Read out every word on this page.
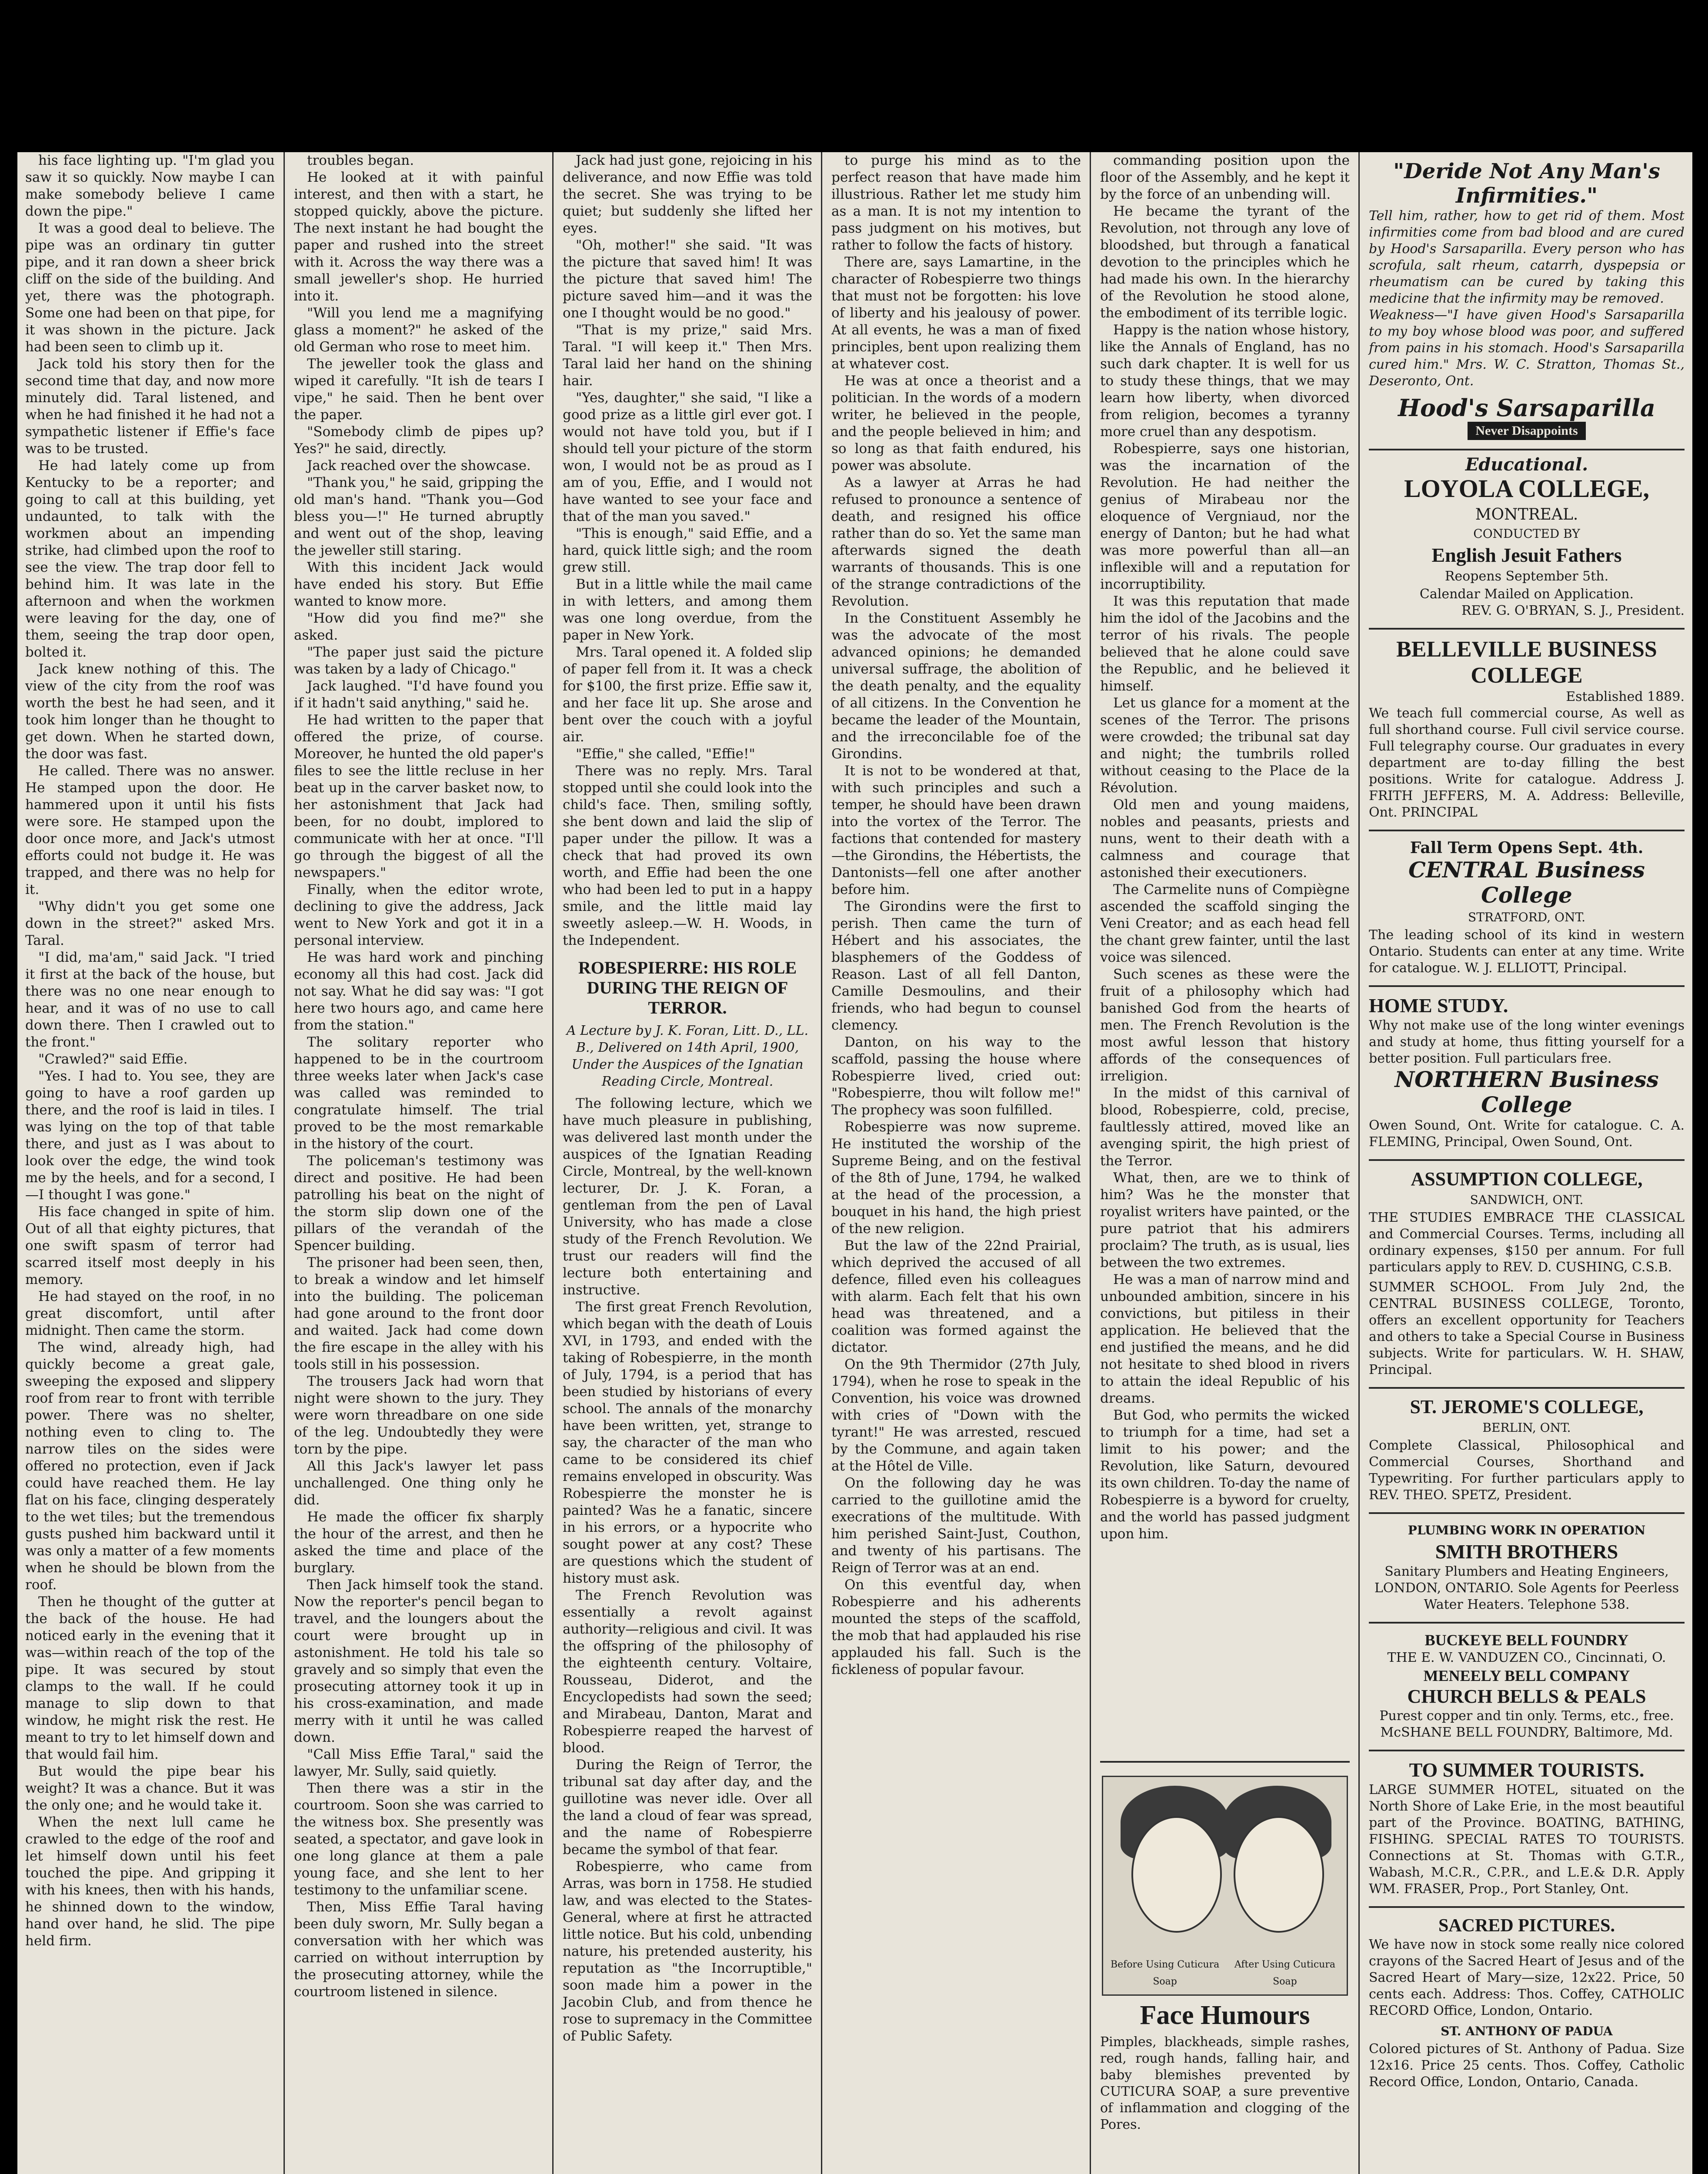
his face lighting up. "I'm glad you saw it so quickly. Now maybe I can make somebody believe I came down the pipe."

It was a good deal to believe. The pipe was an ordinary tin gutter pipe, and it ran down a sheer brick cliff on the side of the building. And yet, there was the photograph. Some one had been on that pipe, for it was shown in the picture. Jack had been seen to climb up it.

Jack told his story then for the second time that day, and now more minutely did. Taral listened, and when he had finished it he had not a sympathetic listener if Effie's face was to be trusted.

He had lately come up from Kentucky to be a reporter; and going to call at this building, yet undaunted, to talk with the workmen about an impending strike, had climbed upon the roof to see the view. The trap door fell to behind him. It was late in the afternoon and when the workmen were leaving for the day, one of them, seeing the trap door open, bolted it.

Jack knew nothing of this. The view of the city from the roof was worth the best he had seen, and it took him longer than he thought to get down. When he started down, the door was fast.

He called. There was no answer. He stamped upon the door. He hammered upon it until his fists were sore. He stamped upon the door once more, and Jack's utmost efforts could not budge it. He was trapped, and there was no help for it.

"Why didn't you get some one down in the street?" asked Mrs. Taral.

"I did, ma'am," said Jack. "I tried it first at the back of the house, but there was no one near enough to hear, and it was of no use to call down there. Then I crawled out to the front."

"Crawled?" said Effie.

"Yes. I had to. You see, they are going to have a roof garden up there, and the roof is laid in tiles. I was lying on the top of that table there, and just as I was about to look over the edge, the wind took me by the heels, and for a second, I—I thought I was gone."

His face changed in spite of him. Out of all that eighty pictures, that one swift spasm of terror had scarred itself most deeply in his memory.

He had stayed on the roof, in no great discomfort, until after midnight. Then came the storm.

The wind, already high, had quickly become a great gale, sweeping the exposed and slippery roof from rear to front with terrible power. There was no shelter, nothing even to cling to. The narrow tiles on the sides were offered no protection, even if Jack could have reached them. He lay flat on his face, clinging desperately to the wet tiles; but the tremendous gusts pushed him backward until it was only a matter of a few moments when he should be blown from the roof.

Then he thought of the gutter at the back of the house. He had noticed early in the evening that it was—within reach of the top of the pipe. It was secured by stout clamps to the wall. If he could manage to slip down to that window, he might risk the rest. He meant to try to let himself down and that would fail him.

But would the pipe bear his weight? It was a chance. But it was the only one; and he would take it.

When the next lull came he crawled to the edge of the roof and let himself down until his feet touched the pipe. And gripping it with his knees, then with his hands, he shinned down to the window, hand over hand, he slid. The pipe held firm.

troubles began.

He looked at it with painful interest, and then with a start, he stopped quickly, above the picture. The next instant he had bought the paper and rushed into the street with it. Across the way there was a small jeweller's shop. He hurried into it.

"Will you lend me a magnifying glass a moment?" he asked of the old German who rose to meet him.

The jeweller took the glass and wiped it carefully. "It ish de tears I vipe," he said. Then he bent over the paper.

"Somebody climb de pipes up? Yes?" he said, directly.

Jack reached over the showcase.

"Thank you," he said, gripping the old man's hand. "Thank you—God bless you—!" He turned abruptly and went out of the shop, leaving the jeweller still staring.

With this incident Jack would have ended his story. But Effie wanted to know more.

"How did you find me?" she asked.

"The paper just said the picture was taken by a lady of Chicago."

Jack laughed. "I'd have found you if it hadn't said anything," said he.

He had written to the paper that offered the prize, of course. Moreover, he hunted the old paper's files to see the little recluse in her beat up in the carver basket now, to her astonishment that Jack had been, for no doubt, implored to communicate with her at once. "I'll go through the biggest of all the newspapers."

Finally, when the editor wrote, declining to give the address, Jack went to New York and got it in a personal interview.

He was hard work and pinching economy all this had cost. Jack did not say. What he did say was: "I got here two hours ago, and came here from the station."

The solitary reporter who happened to be in the courtroom three weeks later when Jack's case was called was reminded to congratulate himself. The trial proved to be the most remarkable in the history of the court.

The policeman's testimony was direct and positive. He had been patrolling his beat on the night of the storm slip down one of the pillars of the verandah of the Spencer building.

The prisoner had been seen, then, to break a window and let himself into the building. The policeman had gone around to the front door and waited. Jack had come down the fire escape in the alley with his tools still in his possession.

The trousers Jack had worn that night were shown to the jury. They were worn threadbare on one side of the leg. Undoubtedly they were torn by the pipe.

All this Jack's lawyer let pass unchallenged. One thing only he did.

He made the officer fix sharply the hour of the arrest, and then he asked the time and place of the burglary.

Then Jack himself took the stand. Now the reporter's pencil began to travel, and the loungers about the court were brought up in astonishment. He told his tale so gravely and so simply that even the prosecuting attorney took it up in his cross-examination, and made merry with it until he was called down.

"Call Miss Effie Taral," said the lawyer, Mr. Sully, said quietly.

Then there was a stir in the courtroom. Soon she was carried to the witness box. She presently was seated, a spectator, and gave look in one long glance at them a pale young face, and she lent to her testimony to the unfamiliar scene.

Then, Miss Effie Taral having been duly sworn, Mr. Sully began a conversation with her which was carried on without interruption by the prosecuting attorney, while the courtroom listened in silence.

Jack had just gone, rejoicing in his deliverance, and now Effie was told the secret. She was trying to be quiet; but suddenly she lifted her eyes.

"Oh, mother!" she said. "It was the picture that saved him! It was the picture that saved him! The picture saved him—and it was the one I thought would be no good."

"That is my prize," said Mrs. Taral. "I will keep it." Then Mrs. Taral laid her hand on the shining hair.

"Yes, daughter," she said, "I like a good prize as a little girl ever got. I would not have told you, but if I should tell your picture of the storm won, I would not be as proud as I am of you, Effie, and I would not have wanted to see your face and that of the man you saved."

"This is enough," said Effie, and a hard, quick little sigh; and the room grew still.

But in a little while the mail came in with letters, and among them was one long overdue, from the paper in New York.

Mrs. Taral opened it. A folded slip of paper fell from it. It was a check for $100, the first prize. Effie saw it, and her face lit up. She arose and bent over the couch with a joyful air.

"Effie," she called, "Effie!"

There was no reply. Mrs. Taral stopped until she could look into the child's face. Then, smiling softly, she bent down and laid the slip of paper under the pillow. It was a check that had proved its own worth, and Effie had been the one who had been led to put in a happy smile, and the little maid lay sweetly asleep.—W. H. Woods, in the Independent.

ROBESPIERRE: HIS ROLE DURING THE REIGN OF TERROR.
A Lecture by J. K. Foran, Litt. D., LL. B., Delivered on 14th April, 1900, Under the Auspices of the Ignatian Reading Circle, Montreal.

The following lecture, which we have much pleasure in publishing, was delivered last month under the auspices of the Ignatian Reading Circle, Montreal, by the well-known lecturer, Dr. J. K. Foran, a gentleman from the pen of Laval University, who has made a close study of the French Revolution. We trust our readers will find the lecture both entertaining and instructive.

The first great French Revolution, which began with the death of Louis XVI, in 1793, and ended with the taking of Robespierre, in the month of July, 1794, is a period that has been studied by historians of every school. The annals of the monarchy have been written, yet, strange to say, the character of the man who came to be considered its chief remains enveloped in obscurity. Was Robespierre the monster he is painted? Was he a fanatic, sincere in his errors, or a hypocrite who sought power at any cost? These are questions which the student of history must ask.

The French Revolution was essentially a revolt against authority—religious and civil. It was the offspring of the philosophy of the eighteenth century. Voltaire, Rousseau, Diderot, and the Encyclopedists had sown the seed; and Mirabeau, Danton, Marat and Robespierre reaped the harvest of blood.

During the Reign of Terror, the tribunal sat day after day, and the guillotine was never idle. Over all the land a cloud of fear was spread, and the name of Robespierre became the symbol of that fear.

Robespierre, who came from Arras, was born in 1758. He studied law, and was elected to the States-General, where at first he attracted little notice. But his cold, unbending nature, his pretended austerity, his reputation as "the Incorruptible," soon made him a power in the Jacobin Club, and from thence he rose to supremacy in the Committee of Public Safety.

to purge his mind as to the perfect reason that have made him illustrious. Rather let me study him as a man. It is not my intention to pass judgment on his motives, but rather to follow the facts of history.

There are, says Lamartine, in the character of Robespierre two things that must not be forgotten: his love of liberty and his jealousy of power. At all events, he was a man of fixed principles, bent upon realizing them at whatever cost.

He was at once a theorist and a politician. In the words of a modern writer, he believed in the people, and the people believed in him; and so long as that faith endured, his power was absolute.

As a lawyer at Arras he had refused to pronounce a sentence of death, and resigned his office rather than do so. Yet the same man afterwards signed the death warrants of thousands. This is one of the strange contradictions of the Revolution.

In the Constituent Assembly he was the advocate of the most advanced opinions; he demanded universal suffrage, the abolition of the death penalty, and the equality of all citizens. In the Convention he became the leader of the Mountain, and the irreconcilable foe of the Girondins.

It is not to be wondered at that, with such principles and such a temper, he should have been drawn into the vortex of the Terror. The factions that contended for mastery—the Girondins, the Hébertists, the Dantonists—fell one after another before him.

The Girondins were the first to perish. Then came the turn of Hébert and his associates, the blasphemers of the Goddess of Reason. Last of all fell Danton, Camille Desmoulins, and their friends, who had begun to counsel clemency.

Danton, on his way to the scaffold, passing the house where Robespierre lived, cried out: "Robespierre, thou wilt follow me!" The prophecy was soon fulfilled.

Robespierre was now supreme. He instituted the worship of the Supreme Being, and on the festival of the 8th of June, 1794, he walked at the head of the procession, a bouquet in his hand, the high priest of the new religion.

But the law of the 22nd Prairial, which deprived the accused of all defence, filled even his colleagues with alarm. Each felt that his own head was threatened, and a coalition was formed against the dictator.

On the 9th Thermidor (27th July, 1794), when he rose to speak in the Convention, his voice was drowned with cries of "Down with the tyrant!" He was arrested, rescued by the Commune, and again taken at the Hôtel de Ville.

On the following day he was carried to the guillotine amid the execrations of the multitude. With him perished Saint-Just, Couthon, and twenty of his partisans. The Reign of Terror was at an end.

On this eventful day, when Robespierre and his adherents mounted the steps of the scaffold, the mob that had applauded his rise applauded his fall. Such is the fickleness of popular favour.

commanding position upon the floor of the Assembly, and he kept it by the force of an unbending will.

He became the tyrant of the Revolution, not through any love of bloodshed, but through a fanatical devotion to the principles which he had made his own. In the hierarchy of the Revolution he stood alone, the embodiment of its terrible logic.

Happy is the nation whose history, like the Annals of England, has no such dark chapter. It is well for us to study these things, that we may learn how liberty, when divorced from religion, becomes a tyranny more cruel than any despotism.

Robespierre, says one historian, was the incarnation of the Revolution. He had neither the genius of Mirabeau nor the eloquence of Vergniaud, nor the energy of Danton; but he had what was more powerful than all—an inflexible will and a reputation for incorruptibility.

It was this reputation that made him the idol of the Jacobins and the terror of his rivals. The people believed that he alone could save the Republic, and he believed it himself.

Let us glance for a moment at the scenes of the Terror. The prisons were crowded; the tribunal sat day and night; the tumbrils rolled without ceasing to the Place de la Révolution.

Old men and young maidens, nobles and peasants, priests and nuns, went to their death with a calmness and courage that astonished their executioners.

The Carmelite nuns of Compiègne ascended the scaffold singing the Veni Creator; and as each head fell the chant grew fainter, until the last voice was silenced.

Such scenes as these were the fruit of a philosophy which had banished God from the hearts of men. The French Revolution is the most awful lesson that history affords of the consequences of irreligion.

In the midst of this carnival of blood, Robespierre, cold, precise, faultlessly attired, moved like an avenging spirit, the high priest of the Terror.

What, then, are we to think of him? Was he the monster that royalist writers have painted, or the pure patriot that his admirers proclaim? The truth, as is usual, lies between the two extremes.

He was a man of narrow mind and unbounded ambition, sincere in his convictions, but pitiless in their application. He believed that the end justified the means, and he did not hesitate to shed blood in rivers to attain the ideal Republic of his dreams.

But God, who permits the wicked to triumph for a time, had set a limit to his power; and the Revolution, like Saturn, devoured its own children. To-day the name of Robespierre is a byword for cruelty, and the world has passed judgment upon him.

Before Using Cuticura Soap After Using Cuticura Soap
Face Humours
Pimples, blackheads, simple rashes, red, rough hands, falling hair, and baby blemishes prevented by CUTICURA SOAP, a sure preventive of inflammation and clogging of the Pores.
"Deride Not Any Man's Infirmities."
Tell him, rather, how to get rid of them. Most infirmities come from bad blood and are cured by Hood's Sarsaparilla. Every person who has scrofula, salt rheum, catarrh, dyspepsia or rheumatism can be cured by taking this medicine that the infirmity may be removed.
Weakness—"I have given Hood's Sarsaparilla to my boy whose blood was poor, and suffered from pains in his stomach. Hood's Sarsaparilla cured him." Mrs. W. C. Stratton, Thomas St., Deseronto, Ont.
Hood's Sarsaparilla
Never Disappoints
Educational.
LOYOLA COLLEGE,
MONTREAL.
CONDUCTED BY
English Jesuit Fathers
Reopens September 5th.
Calendar Mailed on Application.
REV. G. O'BRYAN, S. J., President.
BELLEVILLE BUSINESS COLLEGE
Established 1889.
We teach full commercial course, As well as full shorthand course. Full civil service course. Full telegraphy course. Our graduates in every department are to-day filling the best positions. Write for catalogue. Address J. FRITH JEFFERS, M. A. Address: Belleville, Ont. PRINCIPAL
Fall Term Opens Sept. 4th.
CENTRAL Business College
STRATFORD, ONT.
The leading school of its kind in western Ontario. Students can enter at any time. Write for catalogue. W. J. ELLIOTT, Principal.
HOME STUDY.
Why not make use of the long winter evenings and study at home, thus fitting yourself for a better position. Full particulars free.
NORTHERN Business College
Owen Sound, Ont. Write for catalogue. C. A. FLEMING, Principal, Owen Sound, Ont.
ASSUMPTION COLLEGE,
SANDWICH, ONT.
THE STUDIES EMBRACE THE CLASSICAL and Commercial Courses. Terms, including all ordinary expenses, $150 per annum. For full particulars apply to REV. D. CUSHING, C.S.B.
SUMMER SCHOOL. From July 2nd, the CENTRAL BUSINESS COLLEGE, Toronto, offers an excellent opportunity for Teachers and others to take a Special Course in Business subjects. Write for particulars. W. H. SHAW, Principal.
ST. JEROME'S COLLEGE,
BERLIN, ONT.
Complete Classical, Philosophical and Commercial Courses, Shorthand and Typewriting. For further particulars apply to REV. THEO. SPETZ, President.
PLUMBING WORK IN OPERATION
SMITH BROTHERS
Sanitary Plumbers and Heating Engineers, LONDON, ONTARIO. Sole Agents for Peerless Water Heaters. Telephone 538.
BUCKEYE BELL FOUNDRY
THE E. W. VANDUZEN CO., Cincinnati, O.
MENEELY BELL COMPANY
CHURCH BELLS & PEALS
Purest copper and tin only. Terms, etc., free. McSHANE BELL FOUNDRY, Baltimore, Md.
TO SUMMER TOURISTS.
LARGE SUMMER HOTEL, situated on the North Shore of Lake Erie, in the most beautiful part of the Province. BOATING, BATHING, FISHING. SPECIAL RATES TO TOURISTS. Connections at St. Thomas with G.T.R., Wabash, M.C.R., C.P.R., and L.E.& D.R. Apply WM. FRASER, Prop., Port Stanley, Ont.
SACRED PICTURES.
We have now in stock some really nice colored crayons of the Sacred Heart of Jesus and of the Sacred Heart of Mary—size, 12x22. Price, 50 cents each. Address: Thos. Coffey, CATHOLIC RECORD Office, London, Ontario.
ST. ANTHONY OF PADUA
Colored pictures of St. Anthony of Padua. Size 12x16. Price 25 cents. Thos. Coffey, Catholic Record Office, London, Ontario, Canada.
